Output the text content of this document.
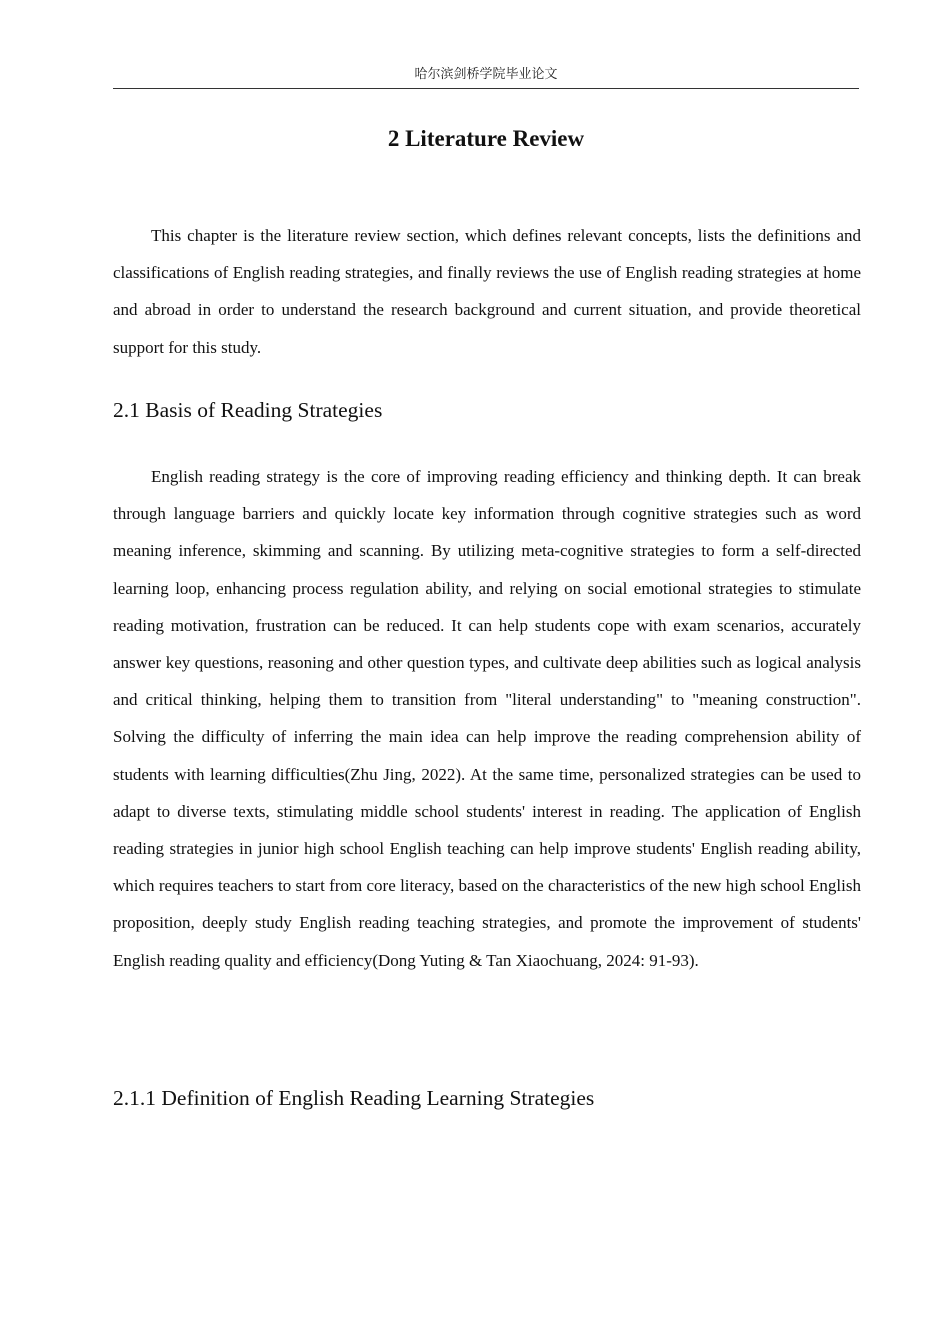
哈尔滨剑桥学院毕业论文
2 Literature Review

This chapter is the literature review section, which defines relevant concepts, lists the definitions and classifications of English reading strategies, and finally reviews the use of English reading strategies at home and abroad in order to understand the research background and current situation, and provide theoretical support for this study.

2.1 Basis of Reading Strategies

English reading strategy is the core of improving reading efficiency and thinking depth. It can break through language barriers and quickly locate key information through cognitive strategies such as word meaning inference, skimming and scanning. By utilizing meta-cognitive strategies to form a self-directed learning loop, enhancing process regulation ability, and relying on social emotional strategies to stimulate reading motivation, frustration can be reduced. It can help students cope with exam scenarios, accurately answer key questions, reasoning and other question types, and cultivate deep abilities such as logical analysis and critical thinking, helping them to transition from "literal understanding" to "meaning construction". Solving the difficulty of inferring the main idea can help improve the reading comprehension ability of students with learning difficulties(Zhu Jing, 2022). At the same time, personalized strategies can be used to adapt to diverse texts, stimulating middle school students' interest in reading. The application of English reading strategies in junior high school English teaching can help improve students' English reading ability, which requires teachers to start from core literacy, based on the characteristics of the new high school English proposition, deeply study English reading teaching strategies, and promote the improvement of students' English reading quality and efficiency(Dong Yuting & Tan Xiaochuang, 2024: 91-93).

2.1.1 Definition of English Reading Learning Strategies
